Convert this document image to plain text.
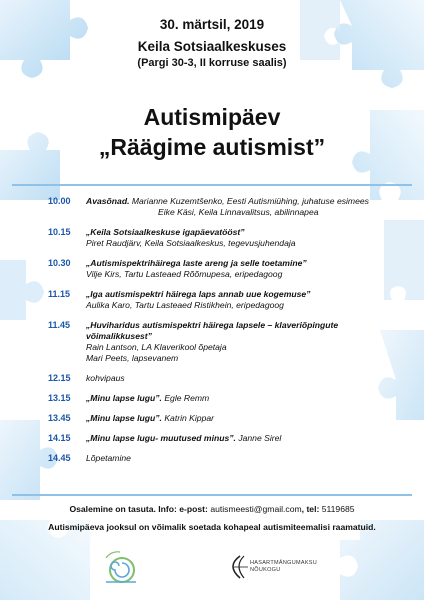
30. märtsil, 2019
Keila Sotsiaalkeskuses
(Pargi 30-3, II korruse saalis)
Autismipäev
„Räägime autismist”
10.00	Avasõnad. Marianne Kuzemtšenko, Eesti Autismiühing, juhatuse esimees
Eike Käsi, Keila Linnavalitsus, abilinnapea
10.15	„Keila Sotsiaalkeskuse igapäevatööst”
Piret Raudjärv, Keila Sotsiaalkeskus, tegevusjuhendaja
10.30	„Autismispektrihäirega laste areng ja selle toetamine”
Vilje Kirs, Tartu Lasteaed Rõõmupesa, eripedagoog
11.15	„Iga autismispektri häirega laps annab uue kogemuse”
Aulika Karo, Tartu Lasteaed Ristikhein, eripedagoog
11.45	„Huviharidus autismispektri häirega lapsele – klaveriõpingute võimalikkusest”
Rain Lantson, LA Klaverikool õpetaja
Mari Peets, lapsevanem
12.15	kohvipaus
13.15	„Minu lapse lugu”. Egle Remm
13.45	„Minu lapse lugu”. Katrin Kippar
14.15	„Minu lapse lugu- muutused minus”. Janne Sirel
14.45	Lõpetamine
Osalemine on tasuta. Info: e-post: autismeesti@gmail.com, tel: 5119685
Autismipäeva jooksul on võimalik soetada kohapeal autismiteemalisi raamatuid.
HASARTMÄNGUMAKSU
NÕUKOGU
